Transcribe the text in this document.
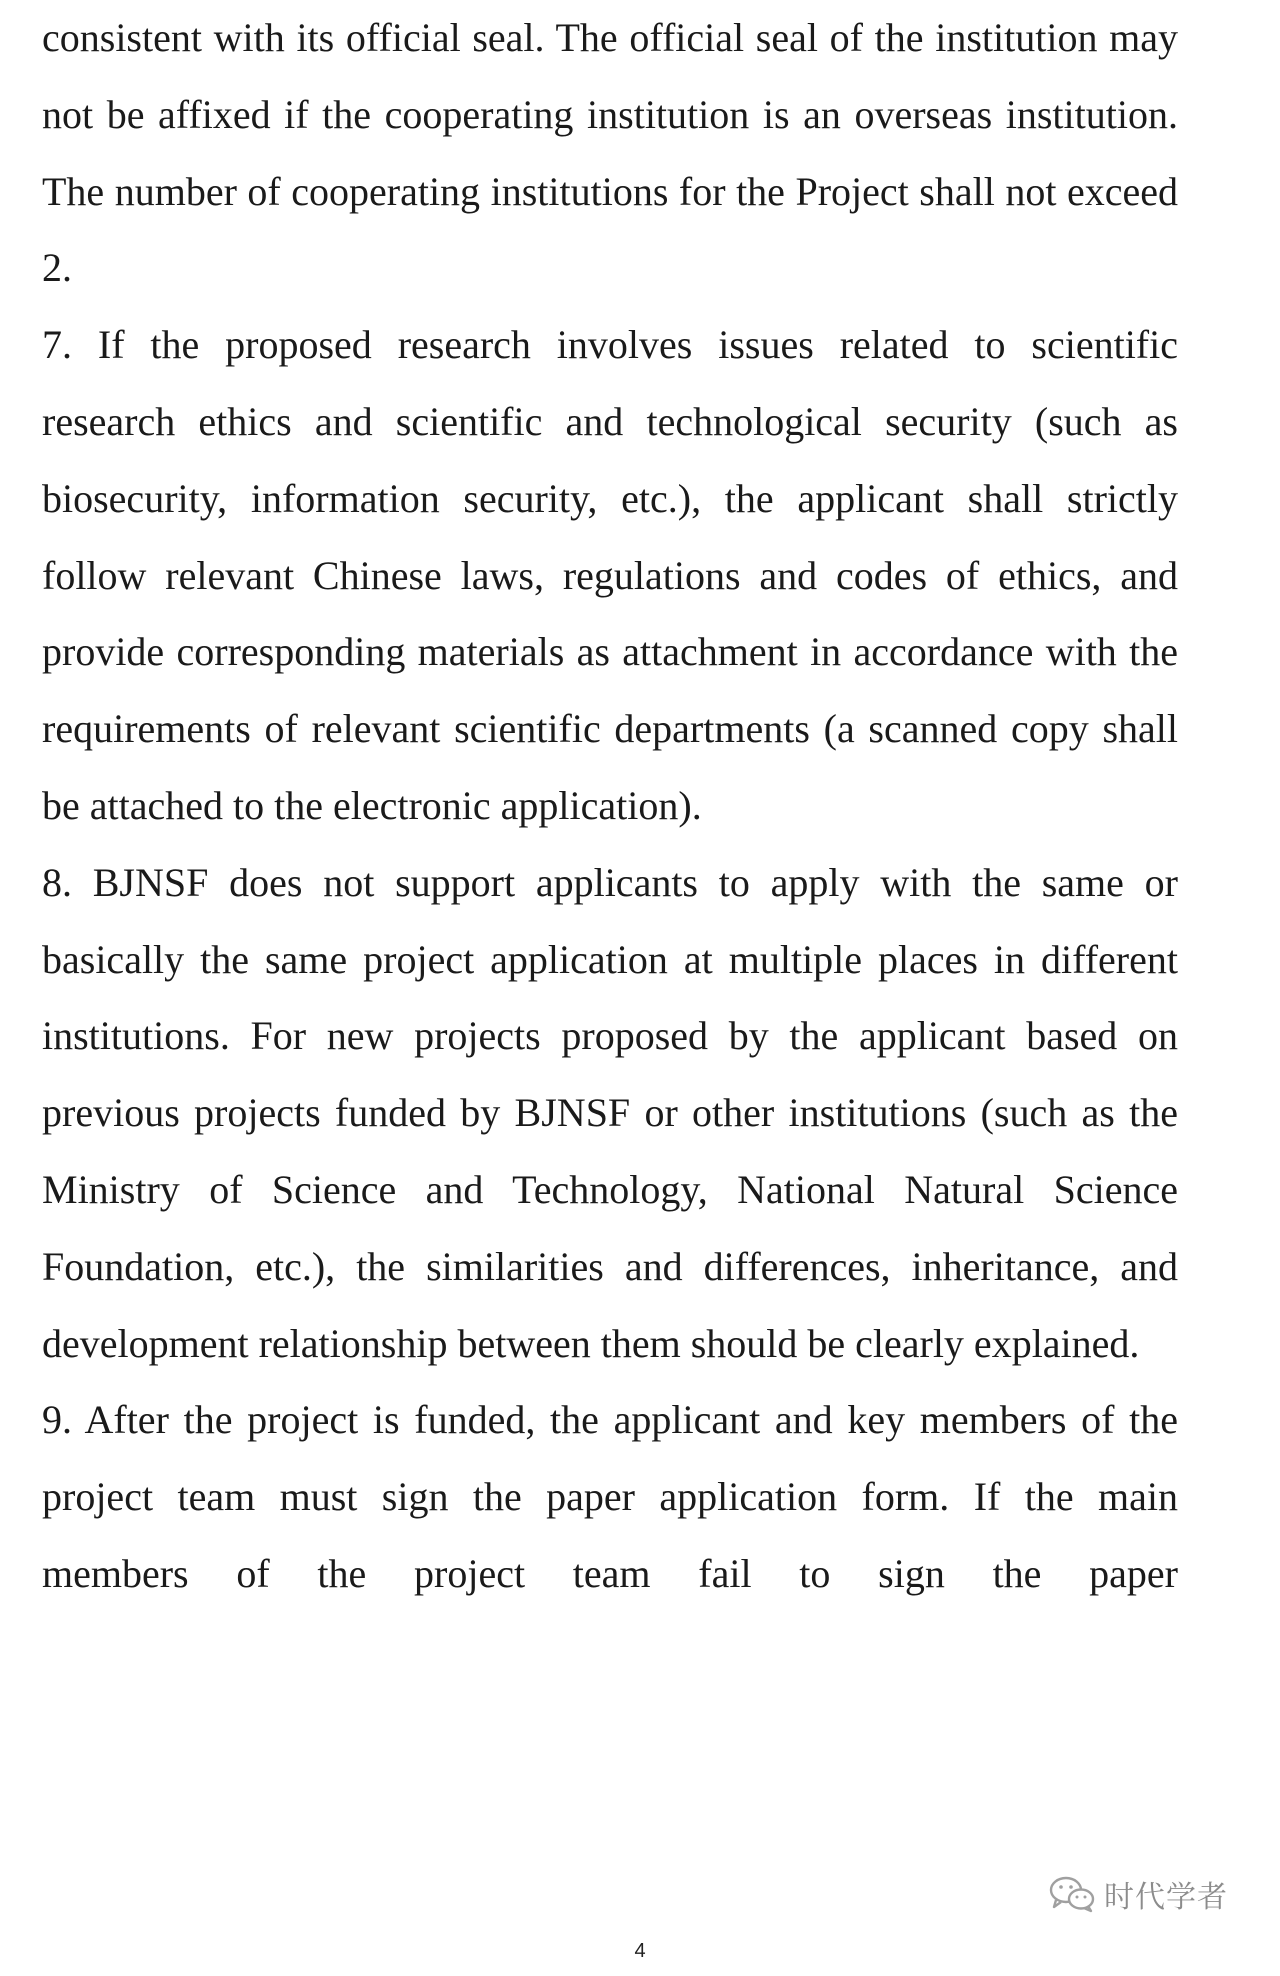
consistent with its official seal. The official seal of the institution may not be affixed if the cooperating institution is an overseas institution. The number of cooperating institutions for the Project shall not exceed 2.

7. If the proposed research involves issues related to scientific research ethics and scientific and technological security (such as biosecurity, information security, etc.), the applicant shall strictly follow relevant Chinese laws, regulations and codes of ethics, and provide corresponding materials as attachment in accordance with the requirements of relevant scientific departments (a scanned copy shall be attached to the electronic application).

8. BJNSF does not support applicants to apply with the same or basically the same project application at multiple places in different institutions. For new projects proposed by the applicant based on previous projects funded by BJNSF or other institutions (such as the Ministry of Science and Technology, National Natural Science Foundation, etc.), the similarities and differences, inheritance, and development relationship between them should be clearly explained.

9. After the project is funded, the applicant and key members of the project team must sign the paper application form. If the main members of the project team fail to sign the paper

时代学者
4
